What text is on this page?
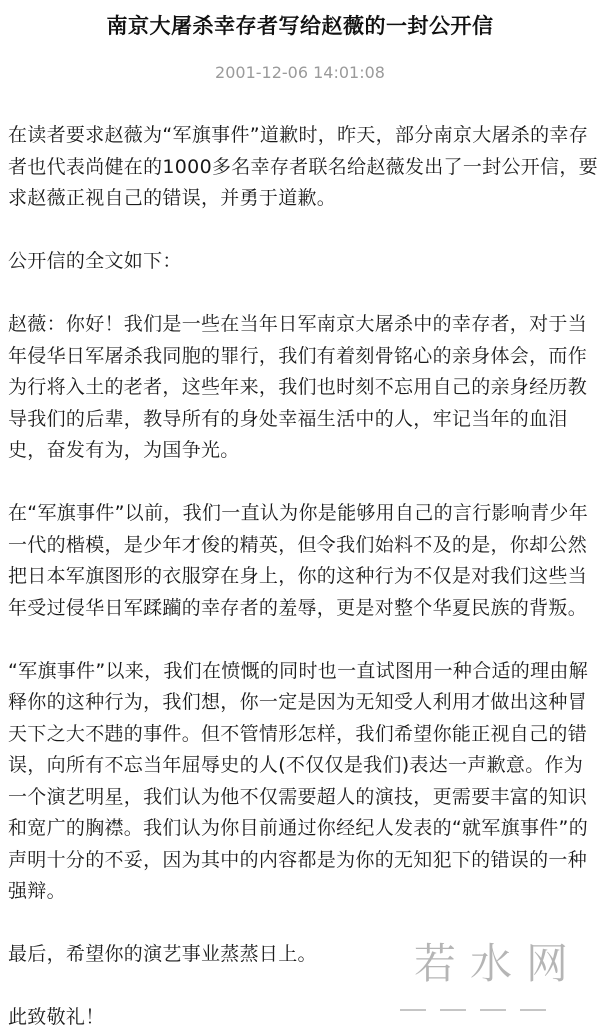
南京大屠杀幸存者写给赵薇的一封公开信
2001-12-06 14:01:08

在读者要求赵薇为“军旗事件”道歉时，昨天，部分南京大屠杀的幸存者也代表尚健在的1000多名幸存者联名给赵薇发出了一封公开信，要求赵薇正视自己的错误，并勇于道歉。

公开信的全文如下：

赵薇：你好！我们是一些在当年日军南京大屠杀中的幸存者，对于当年侵华日军屠杀我同胞的罪行，我们有着刻骨铭心的亲身体会，而作为行将入土的老者，这些年来，我们也时刻不忘用自己的亲身经历教导我们的后辈，教导所有的身处幸福生活中的人，牢记当年的血泪史，奋发有为，为国争光。

在“军旗事件”以前，我们一直认为你是能够用自己的言行影响青少年一代的楷模，是少年才俊的精英，但令我们始料不及的是，你却公然把日本军旗图形的衣服穿在身上，你的这种行为不仅是对我们这些当年受过侵华日军蹂躏的幸存者的羞辱，更是对整个华夏民族的背叛。

“军旗事件”以来，我们在愤慨的同时也一直试图用一种合适的理由解释你的这种行为，我们想，你一定是因为无知受人利用才做出这种冒天下之大不韪的事件。但不管情形怎样，我们希望你能正视自己的错误，向所有不忘当年屈辱史的人(不仅仅是我们)表达一声歉意。作为一个演艺明星，我们认为他不仅需要超人的演技，更需要丰富的知识和宽广的胸襟。我们认为你目前通过你经纪人发表的“就军旗事件”的声明十分的不妥，因为其中的内容都是为你的无知犯下的错误的一种强辩。

最后，希望你的演艺事业蒸蒸日上。

此致敬礼！

若水网
